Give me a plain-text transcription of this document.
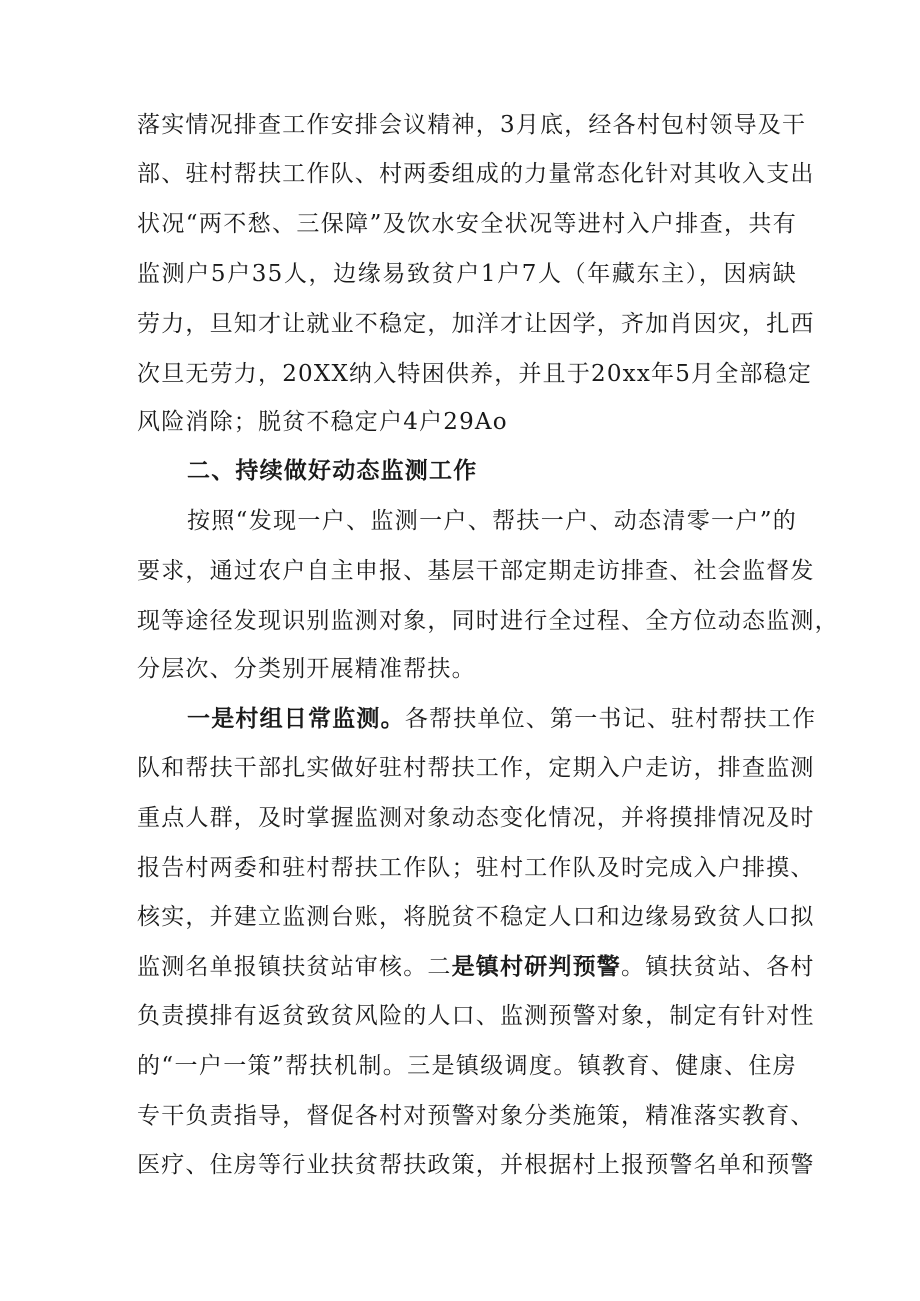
落实情况排查工作安排会议精神，3月底，经各村包村领导及干
部、驻村帮扶工作队、村两委组成的力量常态化针对其收入支出
状况“两不愁、三保障”及饮水安全状况等进村入户排查，共有
监测户5户35人，边缘易致贫户1户7人（年藏东主），因病缺
劳力，旦知才让就业不稳定，加洋才让因学，齐加肖因灾，扎西
次旦无劳力，20XX纳入特困供养，并且于20xx年5月全部稳定
风险消除；脱贫不稳定户4户29Ao
二、持续做好动态监测工作
按照“发现一户、监测一户、帮扶一户、动态清零一户”的
要求，通过农户自主申报、基层干部定期走访排查、社会监督发
现等途径发现识别监测对象，同时进行全过程、全方位动态监测，
分层次、分类别开展精准帮扶。
一是村组日常监测。各帮扶单位、第一书记、驻村帮扶工作
队和帮扶干部扎实做好驻村帮扶工作，定期入户走访，排查监测
重点人群，及时掌握监测对象动态变化情况，并将摸排情况及时
报告村两委和驻村帮扶工作队；驻村工作队及时完成入户排摸、
核实，并建立监测台账，将脱贫不稳定人口和边缘易致贫人口拟
监测名单报镇扶贫站审核。二是镇村研判预警。镇扶贫站、各村
负责摸排有返贫致贫风险的人口、监测预警对象，制定有针对性
的“一户一策”帮扶机制。三是镇级调度。镇教育、健康、住房
专干负责指导，督促各村对预警对象分类施策，精准落实教育、
医疗、住房等行业扶贫帮扶政策，并根据村上报预警名单和预警
